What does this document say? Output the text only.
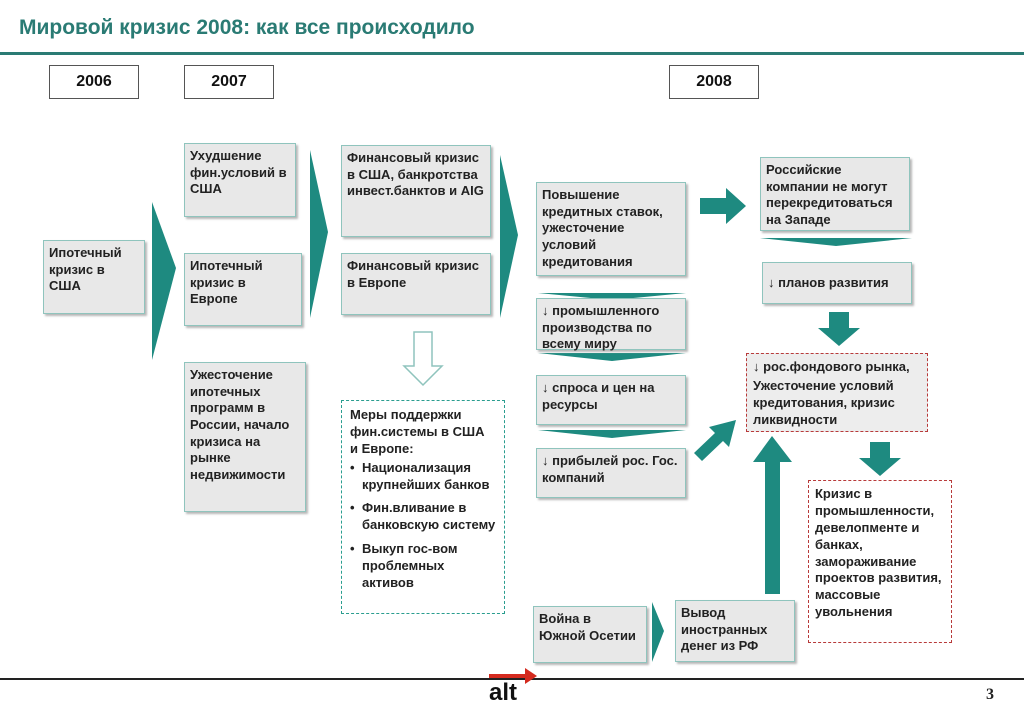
Мировой кризис 2008: как все происходило
2006	2007	2008
Ипотечный кризис в США
Ухудшение фин.условий в США
Ипотечный кризис в Европе
Ужесточение ипотечных программ в России, начало кризиса на рынке недвижимости
Финансовый кризис в США, банкротства инвест.банктов и AIG
Финансовый кризис в Европе
Меры поддержки фин.системы в США и Европе:
• Национализация крупнейших банков
• Фин.вливание в банковскую систему
• Выкуп гос-вом проблемных активов
Повышение кредитных ставок, ужесточение условий кредитования
↓ промышленного производства по всему миру
↓ спроса и цен на ресурсы
↓ прибылей рос. Гос. компаний
Войнa в Южной Осетии
Вывод иностранных денег из РФ
Российские компании не могут перекредитоваться на Западе
↓ планов развития
↓ рос.фондового рынка,
Ужесточение условий кредитования, кризис ликвидности
Кризис в промышленности, девелопменте и банках, замораживание проектов развития, массовые увольнения
alt	3
